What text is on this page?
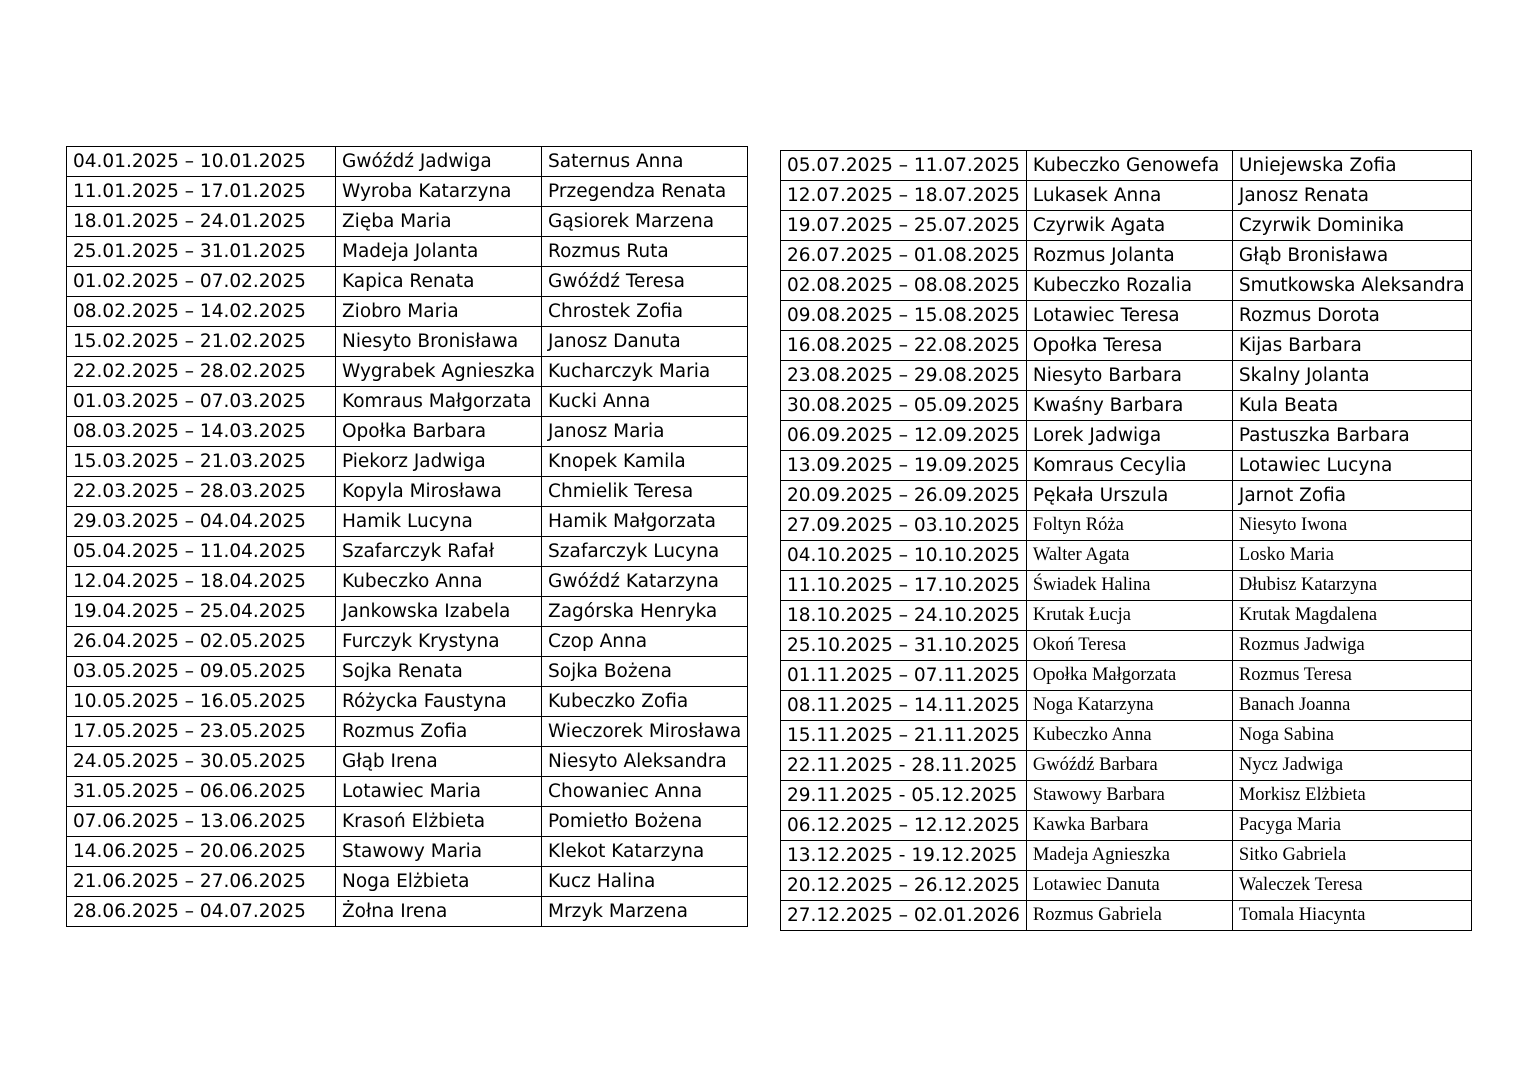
04.01.2025 – 10.01.2025	Gwóźdź Jadwiga	Saternus Anna
11.01.2025 – 17.01.2025	Wyroba Katarzyna	Przegendza Renata
18.01.2025 – 24.01.2025	Zięba Maria	Gąsiorek Marzena
25.01.2025 – 31.01.2025	Madeja Jolanta	Rozmus Ruta
01.02.2025 – 07.02.2025	Kapica Renata	Gwóźdź Teresa
08.02.2025 – 14.02.2025	Ziobro Maria	Chrostek Zofia
15.02.2025 – 21.02.2025	Niesyto Bronisława	Janosz Danuta
22.02.2025 – 28.02.2025	Wygrabek Agnieszka	Kucharczyk Maria
01.03.2025 – 07.03.2025	Komraus Małgorzata	Kucki Anna
08.03.2025 – 14.03.2025	Opołka Barbara	Janosz Maria
15.03.2025 – 21.03.2025	Piekorz Jadwiga	Knopek Kamila
22.03.2025 – 28.03.2025	Kopyla Mirosława	Chmielik Teresa
29.03.2025 – 04.04.2025	Hamik Lucyna	Hamik Małgorzata
05.04.2025 – 11.04.2025	Szafarczyk Rafał	Szafarczyk Lucyna
12.04.2025 – 18.04.2025	Kubeczko Anna	Gwóźdź Katarzyna
19.04.2025 – 25.04.2025	Jankowska Izabela	Zagórska Henryka
26.04.2025 – 02.05.2025	Furczyk Krystyna	Czop Anna
03.05.2025 – 09.05.2025	Sojka Renata	Sojka Bożena
10.05.2025 – 16.05.2025	Różycka Faustyna	Kubeczko Zofia
17.05.2025 – 23.05.2025	Rozmus Zofia	Wieczorek Mirosława
24.05.2025 – 30.05.2025	Głąb Irena	Niesyto Aleksandra
31.05.2025 – 06.06.2025	Lotawiec Maria	Chowaniec Anna
07.06.2025 – 13.06.2025	Krasoń Elżbieta	Pomietło Bożena
14.06.2025 – 20.06.2025	Stawowy Maria	Klekot Katarzyna
21.06.2025 – 27.06.2025	Noga Elżbieta	Kucz Halina
28.06.2025 – 04.07.2025	Żołna Irena	Mrzyk Marzena
05.07.2025 – 11.07.2025	Kubeczko Genowefa	Uniejewska Zofia
12.07.2025 – 18.07.2025	Lukasek Anna	Janosz Renata
19.07.2025 – 25.07.2025	Czyrwik Agata	Czyrwik Dominika
26.07.2025 – 01.08.2025	Rozmus Jolanta	Głąb Bronisława
02.08.2025 – 08.08.2025	Kubeczko Rozalia	Smutkowska Aleksandra
09.08.2025 – 15.08.2025	Lotawiec Teresa	Rozmus Dorota
16.08.2025 – 22.08.2025	Opołka Teresa	Kijas Barbara
23.08.2025 – 29.08.2025	Niesyto Barbara	Skalny Jolanta
30.08.2025 – 05.09.2025	Kwaśny Barbara	Kula Beata
06.09.2025 – 12.09.2025	Lorek Jadwiga	Pastuszka Barbara
13.09.2025 – 19.09.2025	Komraus Cecylia	Lotawiec Lucyna
20.09.2025 – 26.09.2025	Pękała Urszula	Jarnot Zofia
27.09.2025 – 03.10.2025	Foltyn Róża	Niesyto Iwona
04.10.2025 – 10.10.2025	Walter Agata	Losko Maria
11.10.2025 – 17.10.2025	Świadek Halina	Dłubisz Katarzyna
18.10.2025 – 24.10.2025	Krutak Łucja	Krutak Magdalena
25.10.2025 – 31.10.2025	Okoń Teresa	Rozmus Jadwiga
01.11.2025 – 07.11.2025	Opołka Małgorzata	Rozmus Teresa
08.11.2025 – 14.11.2025	Noga Katarzyna	Banach Joanna
15.11.2025 – 21.11.2025	Kubeczko Anna	Noga Sabina
22.11.2025 - 28.11.2025	Gwóźdź Barbara	Nycz Jadwiga
29.11.2025 - 05.12.2025	Stawowy Barbara	Morkisz Elżbieta
06.12.2025 – 12.12.2025	Kawka Barbara	Pacyga Maria
13.12.2025 - 19.12.2025	Madeja Agnieszka	Sitko Gabriela
20.12.2025 – 26.12.2025	Lotawiec Danuta	Waleczek Teresa
27.12.2025 – 02.01.2026	Rozmus Gabriela	Tomala Hiacynta
